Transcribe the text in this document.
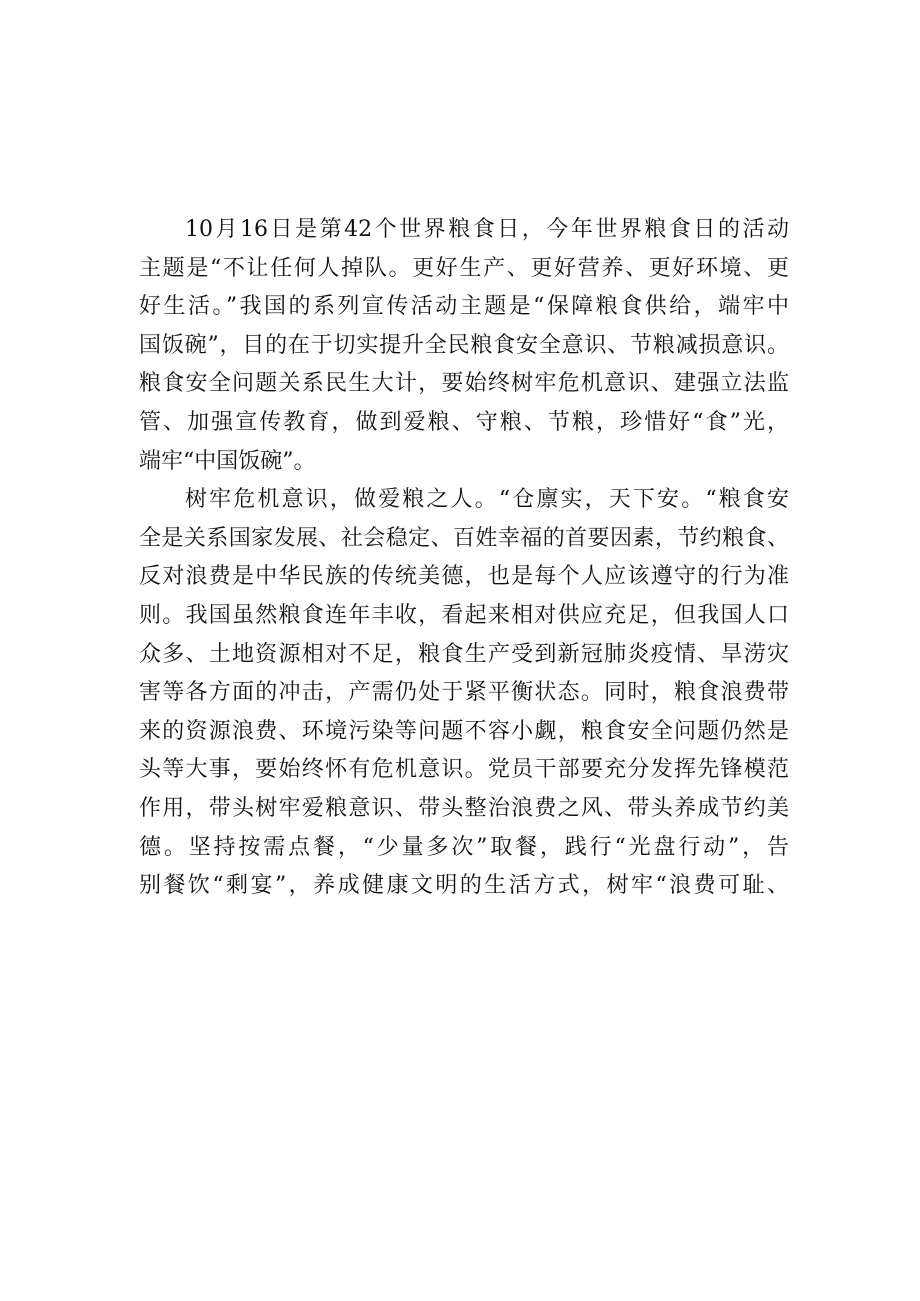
10月16日是第42个世界粮食日，今年世界粮食日的活动
主题是“不让任何人掉队。更好生产、更好营养、更好环境、更
好生活。”我国的系列宣传活动主题是“保障粮食供给，端牢中
国饭碗”，目的在于切实提升全民粮食安全意识、节粮减损意识。
粮食安全问题关系民生大计，要始终树牢危机意识、建强立法监
管、加强宣传教育，做到爱粮、守粮、节粮，珍惜好“食”光，
端牢“中国饭碗”。
树牢危机意识，做爱粮之人。“仓廪实，天下安。“粮食安
全是关系国家发展、社会稳定、百姓幸福的首要因素，节约粮食、
反对浪费是中华民族的传统美德，也是每个人应该遵守的行为准
则。我国虽然粮食连年丰收，看起来相对供应充足，但我国人口
众多、土地资源相对不足，粮食生产受到新冠肺炎疫情、旱涝灾
害等各方面的冲击，产需仍处于紧平衡状态。同时，粮食浪费带
来的资源浪费、环境污染等问题不容小觑，粮食安全问题仍然是
头等大事，要始终怀有危机意识。党员干部要充分发挥先锋模范
作用，带头树牢爱粮意识、带头整治浪费之风、带头养成节约美
德。坚持按需点餐，“少量多次”取餐，践行“光盘行动”，告
别餐饮“剩宴”，养成健康文明的生活方式，树牢“浪费可耻、
